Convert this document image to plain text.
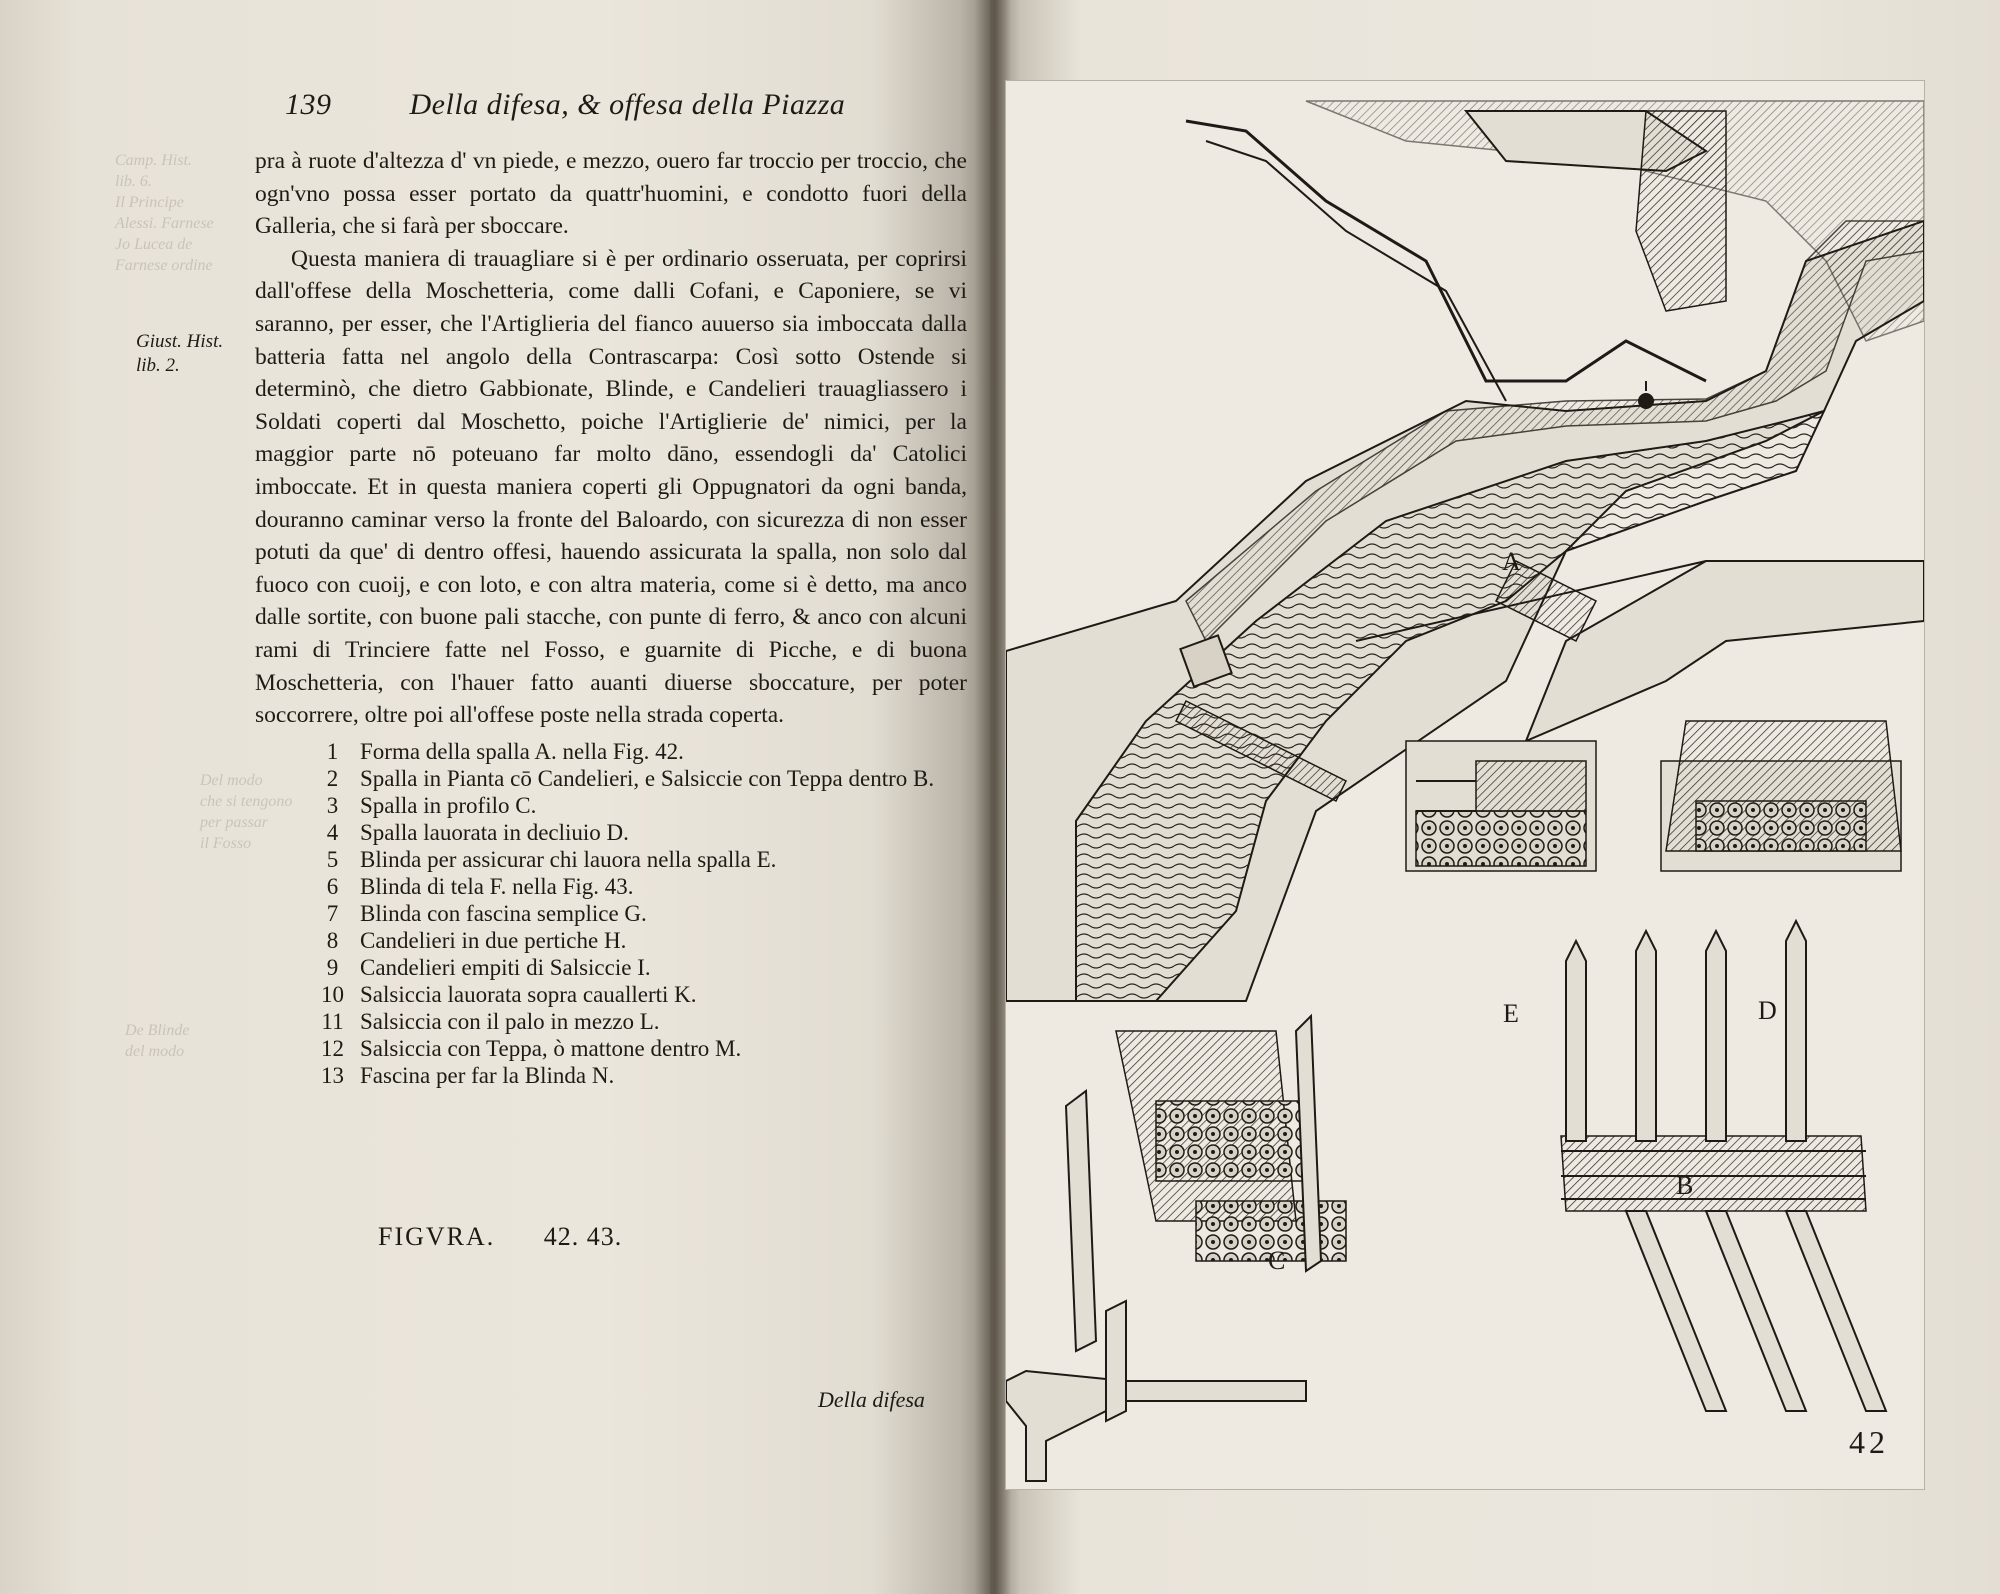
Camp. Hist.
lib. 6.
Il Principe
Alessi. Farnese
Jo Lucea de
Farnese ordine
Del modo
che si tengono
per passar
il Fosso
De Blinde
del modo
139	Della difesa, & offesa della Piazza
Giust. Hist.
lib. 2.

pra à ruote d'altezza d' vn piede, e mezzo, ouero far troccio per troccio, che ogn'vno possa esser portato da quattr'huomini, e condotto fuori della Galleria, che si farà per sboccare.

Questa maniera di trauagliare si è per ordinario osseruata, per coprirsi dall'offese della Moschetteria, come dalli Cofani, e Caponiere, se vi saranno, per esser, che l'Artiglieria del fianco auuerso sia imboccata dalla batteria fatta nel angolo della Contrascarpa: Così sotto Ostende si determinò, che dietro Gabbionate, Blinde, e Candelieri trauagliassero i Soldati coperti dal Moschetto, poiche l'Artiglierie de' nimici, per la maggior parte nō poteuano far molto dāno, essendogli da' Catolici imboccate. Et in questa maniera coperti gli Oppugnatori da ogni banda, douranno caminar verso la fronte del Baloardo, con sicurezza di non esser potuti da que' di dentro offesi, hauendo assicurata la spalla, non solo dal fuoco con cuoij, e con loto, e con altra materia, come si è detto, ma anco dalle sortite, con buone pali stacche, con punte di ferro, & anco con alcuni rami di Trinciere fatte nel Fosso, e guarnite di Picche, e di buona Moschetteria, con l'hauer fatto auanti diuerse sboccature, per poter soccorrere, oltre poi all'offese poste nella strada coperta.

1 Forma della spalla A. nella Fig. 42.
2 Spalla in Pianta cō Candelieri, e Salsiccie con Teppa dentro B.
3 Spalla in profilo C.
4 Spalla lauorata in decliuio D.
5 Blinda per assicurar chi lauora nella spalla E.
6 Blinda di tela F. nella Fig. 43.
7 Blinda con fascina semplice G.
8 Candelieri in due pertiche H.
9 Candelieri empiti di Salsiccie I.
10 Salsiccia lauorata sopra cauallerti K.
11 Salsiccia con il palo in mezzo L.
12 Salsiccia con Teppa, ò mattone dentro M.
13 Fascina per far la Blinda N.
FIGVRA. 42. 43.
Della difesa
A
B
C
D
E
42
